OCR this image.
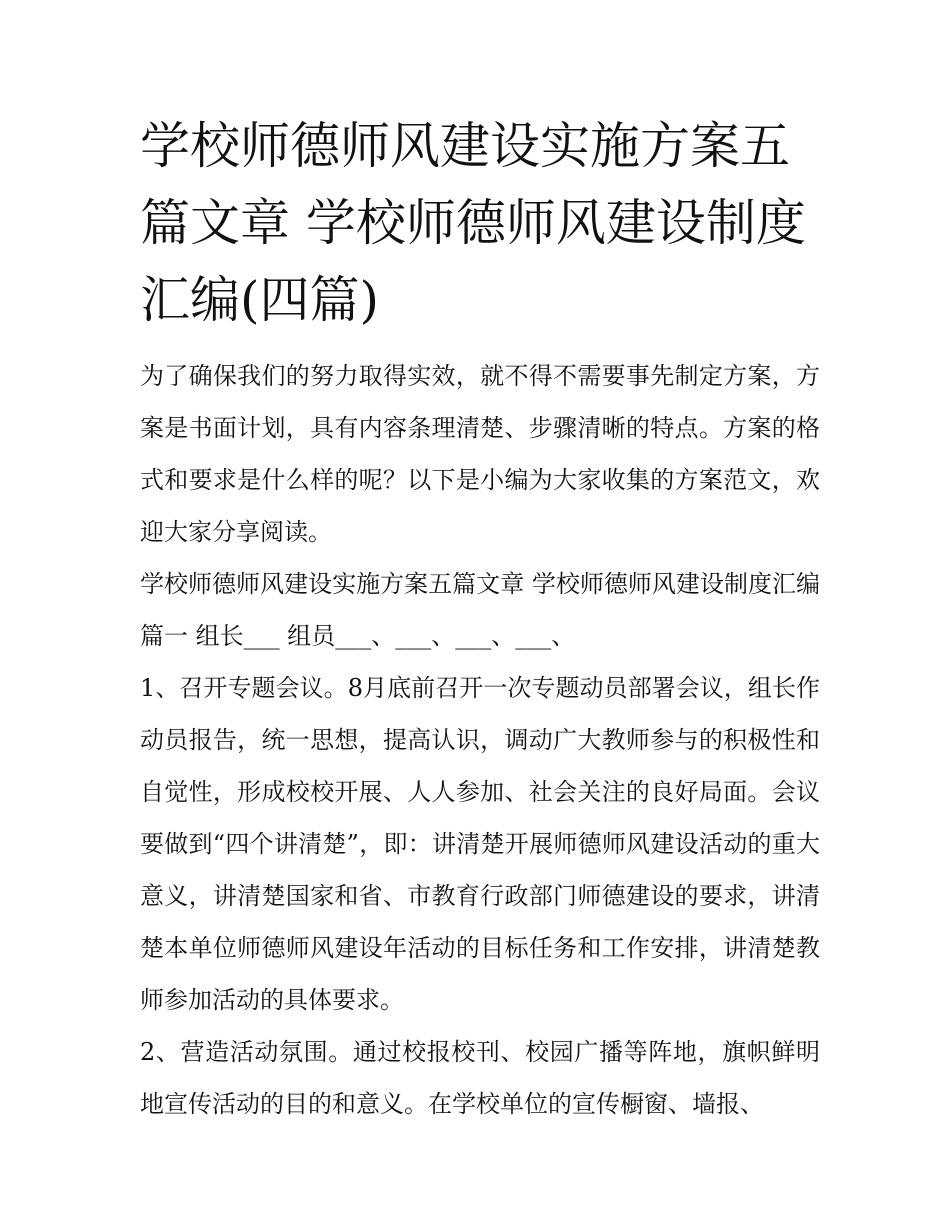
学校师德师风建设实施方案五篇文章 学校师德师风建设制度汇编(四篇)

为了确保我们的努力取得实效，就不得不需要事先制定方案，方案是书面计划，具有内容条理清楚、步骤清晰的特点。方案的格式和要求是什么样的呢？以下是小编为大家收集的方案范文，欢迎大家分享阅读。

学校师德师风建设实施方案五篇文章 学校师德师风建设制度汇编篇一 组长___ 组员___、___、___、___、

1、召开专题会议。8月底前召开一次专题动员部署会议，组长作动员报告，统一思想，提高认识，调动广大教师参与的积极性和自觉性，形成校校开展、人人参加、社会关注的良好局面。会议要做到“四个讲清楚”，即：讲清楚开展师德师风建设活动的重大意义，讲清楚国家和省、市教育行政部门师德建设的要求，讲清楚本单位师德师风建设年活动的目标任务和工作安排，讲清楚教师参加活动的具体要求。

2、营造活动氛围。通过校报校刊、校园广播等阵地，旗帜鲜明地宣传活动的目的和意义。在学校单位的宣传橱窗、墙报、
